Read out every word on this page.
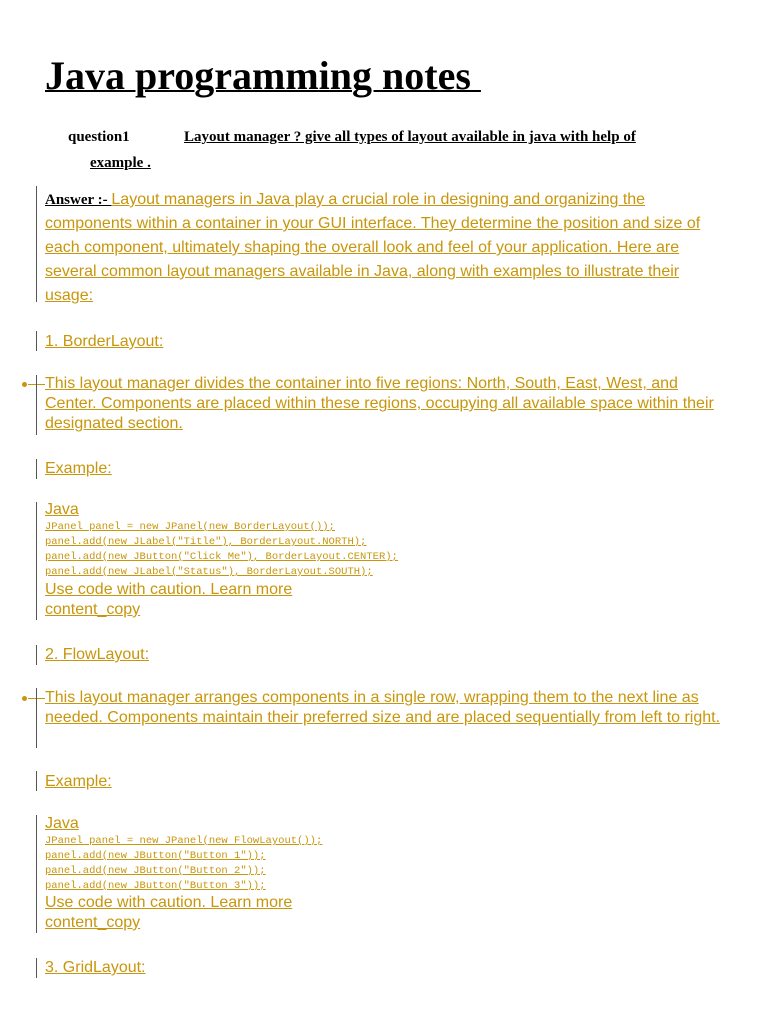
Java programming notes
question1	Layout manager ? give all types of layout available in java with help of
example .
Answer :- Layout managers in Java play a crucial role in designing and organizing the components within a container in your GUI interface. They determine the position and size of each component, ultimately shaping the overall look and feel of your application. Here are several common layout managers available in Java, along with examples to illustrate their usage:
1. BorderLayout:
This layout manager divides the container into five regions: North, South, East, West, and Center. Components are placed within these regions, occupying all available space within their designated section.
Example:
Java
JPanel panel = new JPanel(new BorderLayout());
panel.add(new JLabel("Title"), BorderLayout.NORTH);
panel.add(new JButton("Click Me"), BorderLayout.CENTER);
panel.add(new JLabel("Status"), BorderLayout.SOUTH);
Use code with caution. Learn more
content_copy
2. FlowLayout:
This layout manager arranges components in a single row, wrapping them to the next line as needed. Components maintain their preferred size and are placed sequentially from left to right.
Example:
Java
JPanel panel = new JPanel(new FlowLayout());
panel.add(new JButton("Button 1"));
panel.add(new JButton("Button 2"));
panel.add(new JButton("Button 3"));
Use code with caution. Learn more
content_copy
3. GridLayout:
